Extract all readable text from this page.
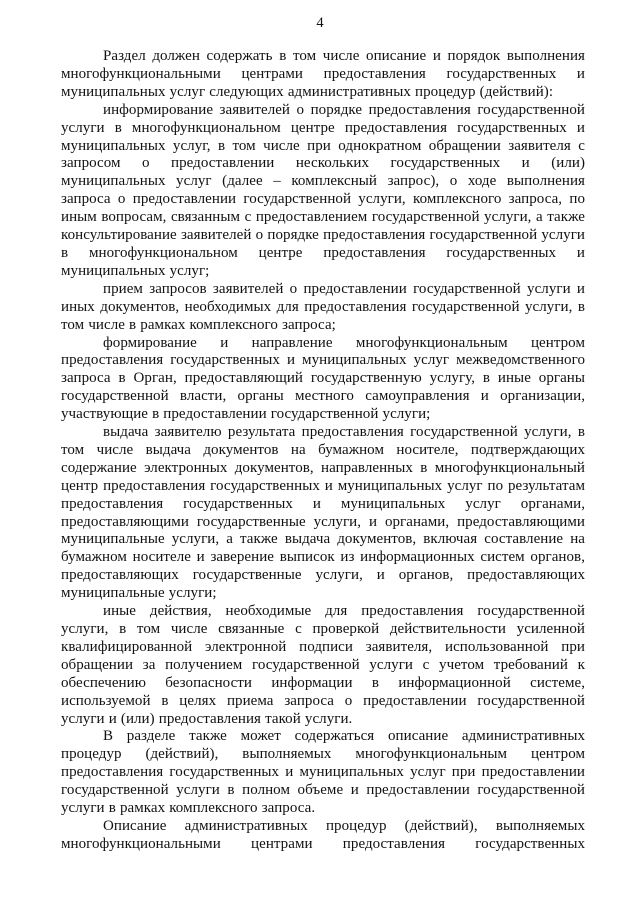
4

Раздел должен содержать в том числе описание и порядок выполнения многофункциональными центрами предоставления государственных и муниципальных услуг следующих административных процедур (действий):

информирование заявителей о порядке предоставления государственной услуги в многофункциональном центре предоставления государственных и муниципальных услуг, в том числе при однократном обращении заявителя с запросом о предоставлении нескольких государственных и (или) муниципальных услуг (далее – комплексный запрос), о ходе выполнения запроса о предоставлении государственной услуги, комплексного запроса, по иным вопросам, связанным с предоставлением государственной услуги, а также консультирование заявителей о порядке предоставления государственной услуги в многофункциональном центре предоставления государственных и муниципальных услуг;

прием запросов заявителей о предоставлении государственной услуги и иных документов, необходимых для предоставления государственной услуги, в том числе в рамках комплексного запроса;

формирование и направление многофункциональным центром предоставления государственных и муниципальных услуг межведомственного запроса в Орган, предоставляющий государственную услугу, в иные органы государственной власти, органы местного самоуправления и организации, участвующие в предоставлении государственной услуги;

выдача заявителю результата предоставления государственной услуги, в том числе выдача документов на бумажном носителе, подтверждающих содержание электронных документов, направленных в многофункциональный центр предоставления государственных и муниципальных услуг по результатам предоставления государственных и муниципальных услуг органами, предоставляющими государственные услуги, и органами, предоставляющими муниципальные услуги, а также выдача документов, включая составление на бумажном носителе и заверение выписок из информационных систем органов, предоставляющих государственные услуги, и органов, предоставляющих муниципальные услуги;

иные действия, необходимые для предоставления государственной услуги, в том числе связанные с проверкой действительности усиленной квалифицированной электронной подписи заявителя, использованной при обращении за получением государственной услуги с учетом требований к обеспечению безопасности информации в информационной системе, используемой в целях приема запроса о предоставлении государственной услуги и (или) предоставления такой услуги.

В разделе также может содержаться описание административных процедур (действий), выполняемых многофункциональным центром предоставления государственных и муниципальных услуг при предоставлении государственной услуги в полном объеме и предоставлении государственной услуги в рамках комплексного запроса.

Описание административных процедур (действий), выполняемых многофункциональными центрами предоставления государственных
